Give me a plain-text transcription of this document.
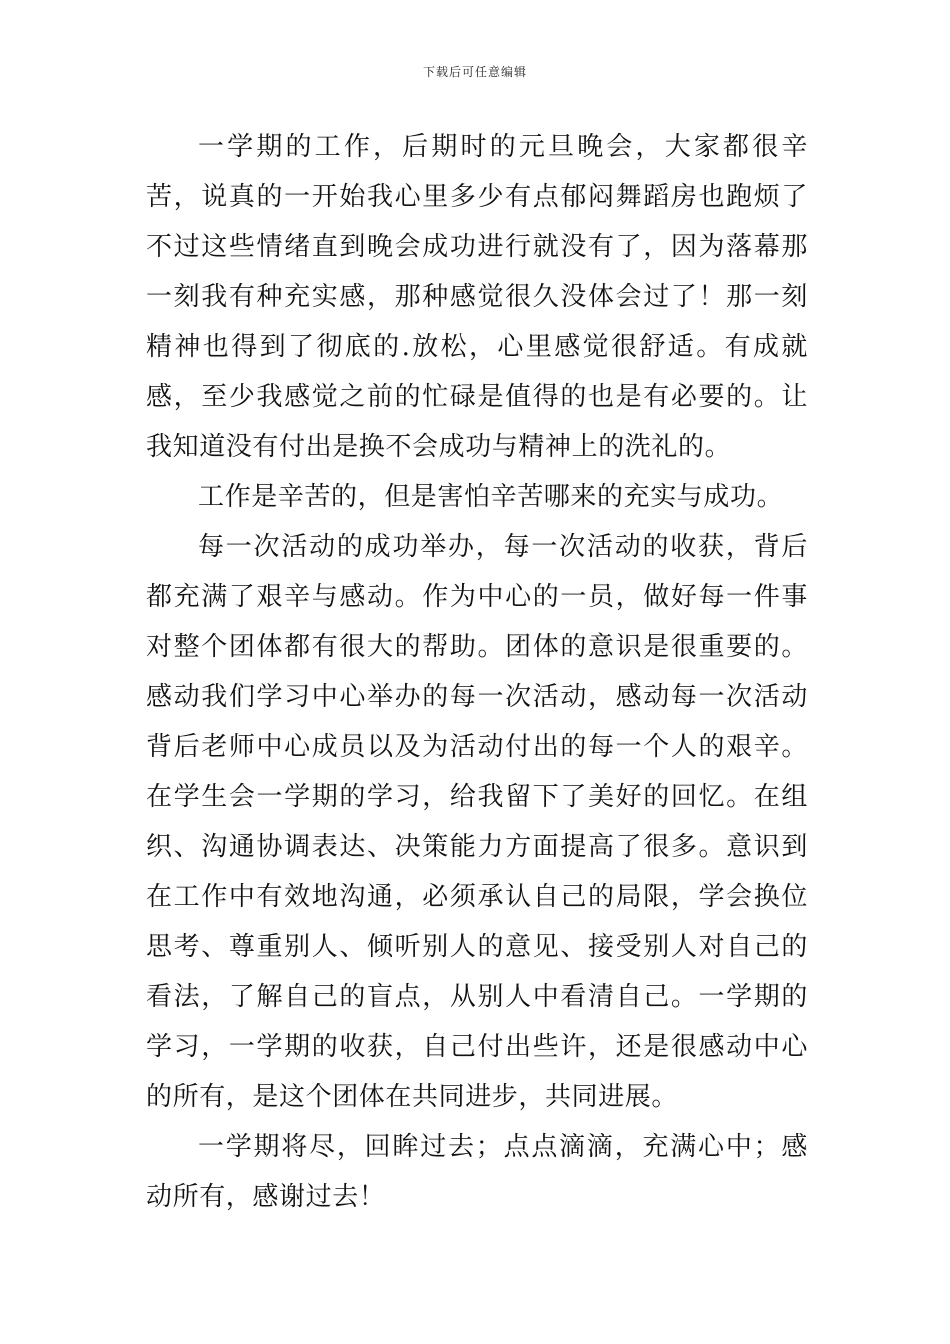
下载后可任意编辑

一学期的工作，后期时的元旦晚会，大家都很辛苦，说真的一开始我心里多少有点郁闷舞蹈房也跑烦了不过这些情绪直到晚会成功进行就没有了，因为落幕那一刻我有种充实感，那种感觉很久没体会过了！那一刻精神也得到了彻底的.放松，心里感觉很舒适。有成就感，至少我感觉之前的忙碌是值得的也是有必要的。让我知道没有付出是换不会成功与精神上的洗礼的。

工作是辛苦的，但是害怕辛苦哪来的充实与成功。

每一次活动的成功举办，每一次活动的收获，背后都充满了艰辛与感动。作为中心的一员，做好每一件事对整个团体都有很大的帮助。团体的意识是很重要的。感动我们学习中心举办的每一次活动，感动每一次活动背后老师中心成员以及为活动付出的每一个人的艰辛。在学生会一学期的学习，给我留下了美好的回忆。在组织、沟通协调表达、决策能力方面提高了很多。意识到在工作中有效地沟通，必须承认自己的局限，学会换位思考、尊重别人、倾听别人的意见、接受别人对自己的看法，了解自己的盲点，从别人中看清自己。一学期的学习，一学期的收获，自己付出些许，还是很感动中心的所有，是这个团体在共同进步，共同进展。

一学期将尽，回眸过去；点点滴滴，充满心中；感动所有，感谢过去！
